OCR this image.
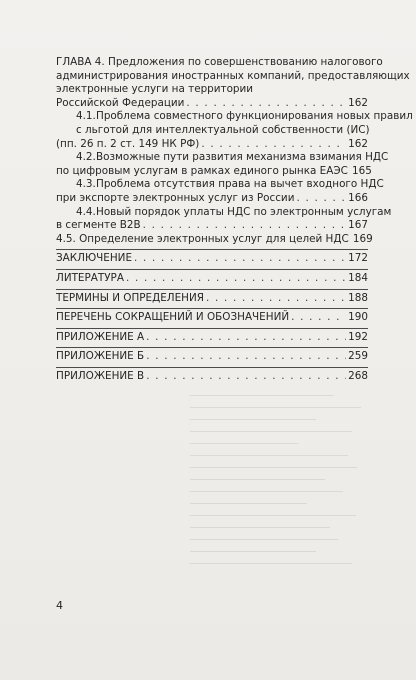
ГЛАВА 4. Предложения по совершенствованию налогового
администрирования иностранных компаний, предоставляющих
электронные услуги на территории
Российской Федерации . . .	162
4.1.Проблема совместного функционирования новых правил
с льготой для интеллектуальной собственности (ИС)
(пп. 26 п. 2 ст. 149 НК РФ) . . .	162
4.2.Возможные пути развития механизма взимания НДС
по цифровым услугам в рамках единого рынка ЕАЭС 165
4.3.Проблема отсутствия права на вычет входного НДС
при экспорте электронных услуг из России . . .	166
4.4.Новый порядок уплаты НДС по электронным услугам
в сегменте B2B . . .	167
4.5. Определение электронных услуг для целей НДС 169
ЗАКЛЮЧЕНИЕ . . .	172
ЛИТЕРАТУРА . . .	184
ТЕРМИНЫ И ОПРЕДЕЛЕНИЯ . . .	188
ПЕРЕЧЕНЬ СОКРАЩЕНИЙ И ОБОЗНАЧЕНИЙ . . .	190
ПРИЛОЖЕНИЕ А . . .	192
ПРИЛОЖЕНИЕ Б . . .	259
ПРИЛОЖЕНИЕ В . . .	268
4
